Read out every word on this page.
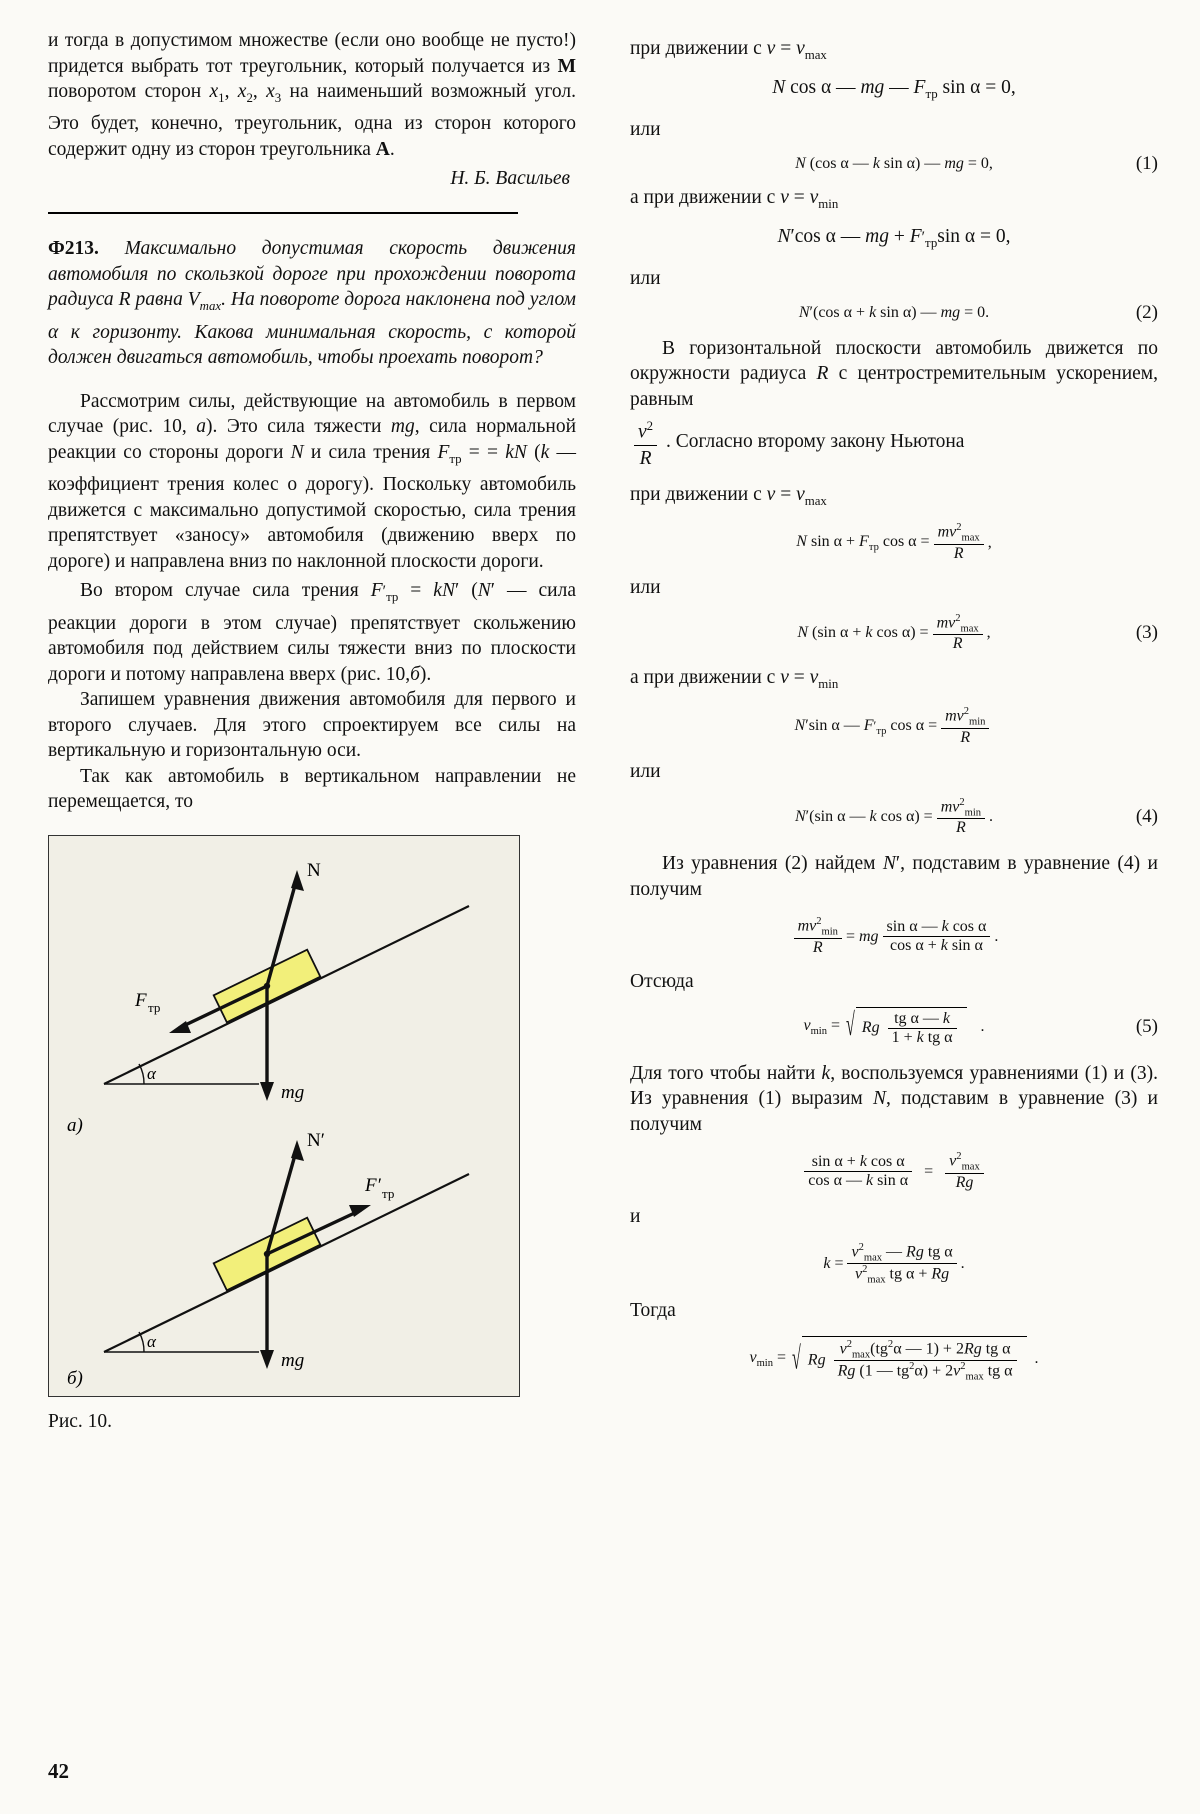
и тогда в допустимом множестве (если оно вообще не пусто!) придется выбрать тот треугольник, который получается из М поворотом сторон $x_1$, $x_2$, $x_3$ на наименьший возможный угол. Это будет, конечно, треугольник, одна из сторон которого содержит одну из сторон треугольника А.

Н. Б. Васильев
Ф213. Максимально допустимая скорость движения автомобиля по скользкой дороге при прохождении поворота радиуса R равна $V_{max}$. На повороте дорога наклонена под углом α к горизонту. Какова минимальная скорость, с которой должен двигаться автомобиль, чтобы проехать поворот?

Рассмотрим силы, действующие на автомобиль в первом случае (рис. 10, а). Это сила тяжести mg, сила нормальной реакции со стороны дороги N и сила трения $F_{тр}$ = = kN (k — коэффициент трения колес о дорогу). Поскольку автомобиль движется с максимально допустимой скоростью, сила трения препятствует «заносу» автомобиля (движению вверх по дороге) и направлена вниз по наклонной плоскости дороги.

Во втором случае сила трения $F'_{тр} = kN'$ (N′ — сила реакции дороги в этом случае) препятствует скольжению автомобиля под действием силы тяжести вниз по плоскости дороги и потому направлена вверх (рис. 10,б).

Запишем уравнения движения автомобиля для первого и второго случаев. Для этого спроектируем все силы на вертикальную и горизонтальную оси.

Так как автомобиль в вертикальном направлении не перемещается, то

α
N
mg
F тр
а)
α
N′
mg
F′ тр
б)
Рис. 10.
при движении с $v = v_{max}$
N cos α — mg — $F_{тр}$ sin α = 0,
или
N (cos α — k sin α) — mg = 0,	(1)
а при движении с $v = v_{min}$
N′cos α — mg + $F'_{тр}\sin$ α = 0,
или
N′(cos α + k sin α) — mg = 0.	(2)

В горизонтальной плоскости автомобиль движется по окружности радиуса R с центростремительным ускорением, равным

$\frac{v^2}{R}$ . Согласно второму закону Ньютона

при движении с $v = v_{max}$
N $\sin \alpha + F_{тр}$ $\cos \alpha = \frac{mv^2_{max}}{R}$ ,
или
N (sin α + k $\cos \alpha) = \frac{mv^2_{max}}{R}$ ,	(3)
а при движении с $v = v_{min}$
N′sin α — $F'_{тр}$ $\cos \alpha = \frac{mv^2_{min}}{R}$
или
N′(sin α — k $\cos \alpha) = \frac{mv^2_{min}}{R}$ .	(4)

Из уравнения (2) найдем N′, подставим в уравнение (4) и получим

$\frac{mv^2_{min}}{R}$ = mg $\frac{\text{sin α — k cos α}}{\text{cos α + k sin α}}$ .
Отсюда
$v_{min}$ = √ Rg $\frac{\text{tg α — k}}{\text{1 + k tg α}}$ .	(5)

Для того чтобы найти k, воспользуемся уравнениями (1) и (3). Из уравнения (1) выразим N, подставим в уравнение (3) и получим

$\frac{\text{sin α + k cos α}}{\text{cos α — k sin α}} = \frac{v^2_{max}}{Rg}$
и
$k = \frac{v^2_{max} — Rg tg \alpha}{v^2_{max} tg \alpha + Rg}$ .
Тогда
$v_{min}$ = √ Rg $\frac{v^2_{max}(tg^2\alpha — 1) + 2Rg tg \alpha}{Rg (1 — tg^2\alpha) + 2v^2_{max} tg \alpha}$ .
42
